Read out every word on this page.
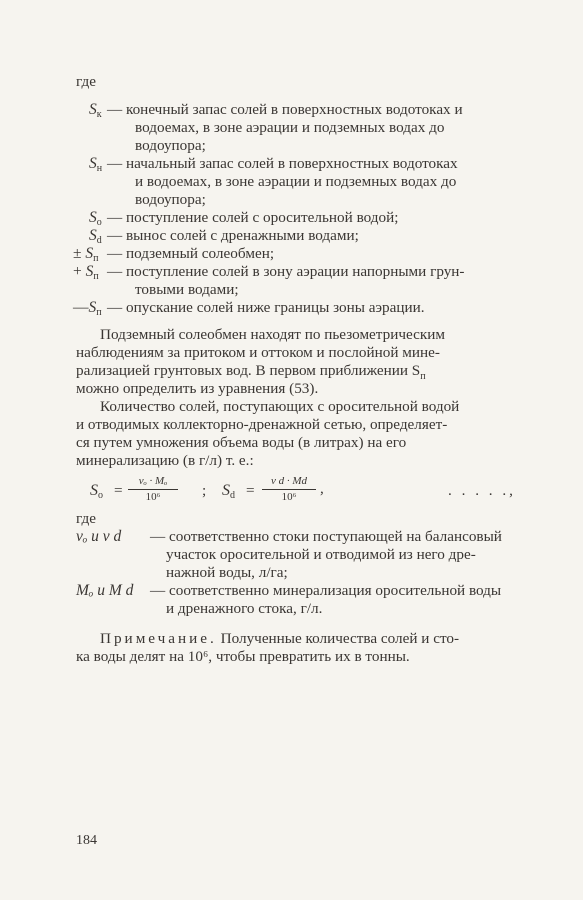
где
$S_к$ — конечный запас солей в поверхностных водотоках и
водоемах, в зоне аэрации и подземных водах до
водоупора;
$S_н$ — начальный запас солей в поверхностных водотоках
и водоемах, в зоне аэрации и подземных водах до
водоупора;
$S_о$ — поступление солей с оросительной водой;
$S_d$ — вынос солей с дренажными водами;
± $S_п$ — подземный солеобмен;
+ $S_п$ — поступление солей в зону аэрации напорными грун-
товыми водами;
$—S_п$ — опускание солей ниже границы зоны аэрации.
Подземный солеобмен находят по пьезометрическим
наблюдениям за притоком и оттоком и послойной мине-
рализацией грунтовых вод. В первом приближении $S_п$
можно определить из уравнения (53).
Количество солей, поступающих с оросительной водой
и отводимых коллекторно-дренажной сетью, определяет-
ся путем умножения объема воды (в литрах) на его
минерализацию (в г/л) т. е.:
$S_о$ =
vₒ · Mₒ
10⁶	; $S_d$ =
v d · Md
10⁶	,	. . . . .,
где
vₒ и v d — соответственно стоки поступающей на балансовый
участок оросительной и отводимой из него дре-
нажной воды, л/га;
Mₒ и M d — соответственно минерализация оросительной воды
и дренажного стока, г/л.
Примечание. Полученные количества солей и сто-
ка воды делят на 10⁶, чтобы превратить их в тонны.
184
